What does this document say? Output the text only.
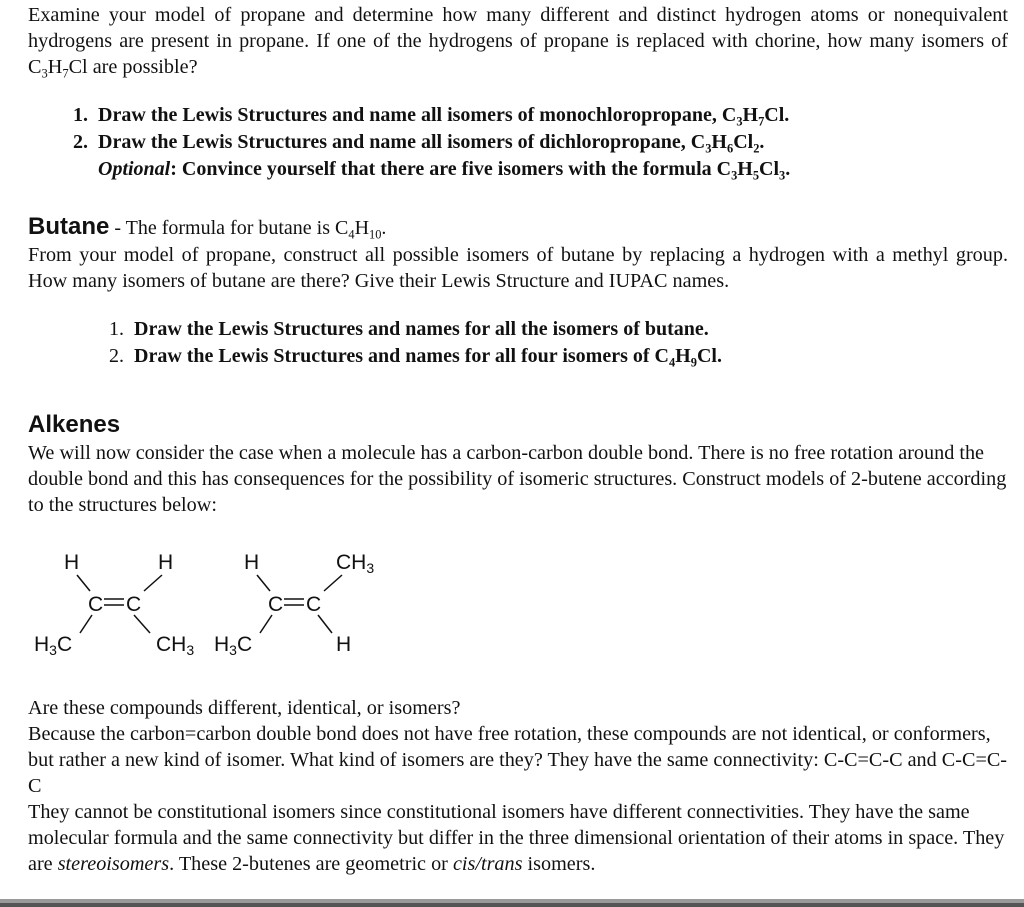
Examine your model of propane and determine how many different and distinct hydrogen atoms or nonequivalent hydrogens are present in propane. If one of the hydrogens of propane is replaced with chorine, how many isomers of $C_3H_7Cl$ are possible?

1. Draw the Lewis Structures and name all isomers of monochloropropane, $C_3H_7Cl$.
2. Draw the Lewis Structures and name all isomers of dichloropropane, $C_3H_6Cl_2$.
Optional: Convince yourself that there are five isomers with the formula $C_3H_5Cl_3$.

Butane - The formula for butane is $C_4H_{10}$.

From your model of propane, construct all possible isomers of butane by replacing a hydrogen with a methyl group. How many isomers of butane are there? Give their Lewis Structure and IUPAC names.

1. Draw the Lewis Structures and names for all the isomers of butane.
2. Draw the Lewis Structures and names for all four isomers of $C_4H_9Cl$.
Alkenes

We will now consider the case when a molecule has a carbon-carbon double bond. There is no free rotation around the double bond and this has consequences for the possibility of isomeric structures. Construct models of 2-butene according to the structures below:

H	H
C C
H3C	CH3
H	CH3
C C
H3C	H

Are these compounds different, identical, or isomers?

Because the carbon=carbon double bond does not have free rotation, these compounds are not identical, or conformers, but rather a new kind of isomer. What kind of isomers are they? They have the same connectivity: C-C=C-C and C-C=C-C

They cannot be constitutional isomers since constitutional isomers have different connectivities. They have the same molecular formula and the same connectivity but differ in the three dimensional orientation of their atoms in space. They are stereoisomers. These 2-butenes are geometric or cis/trans isomers.
